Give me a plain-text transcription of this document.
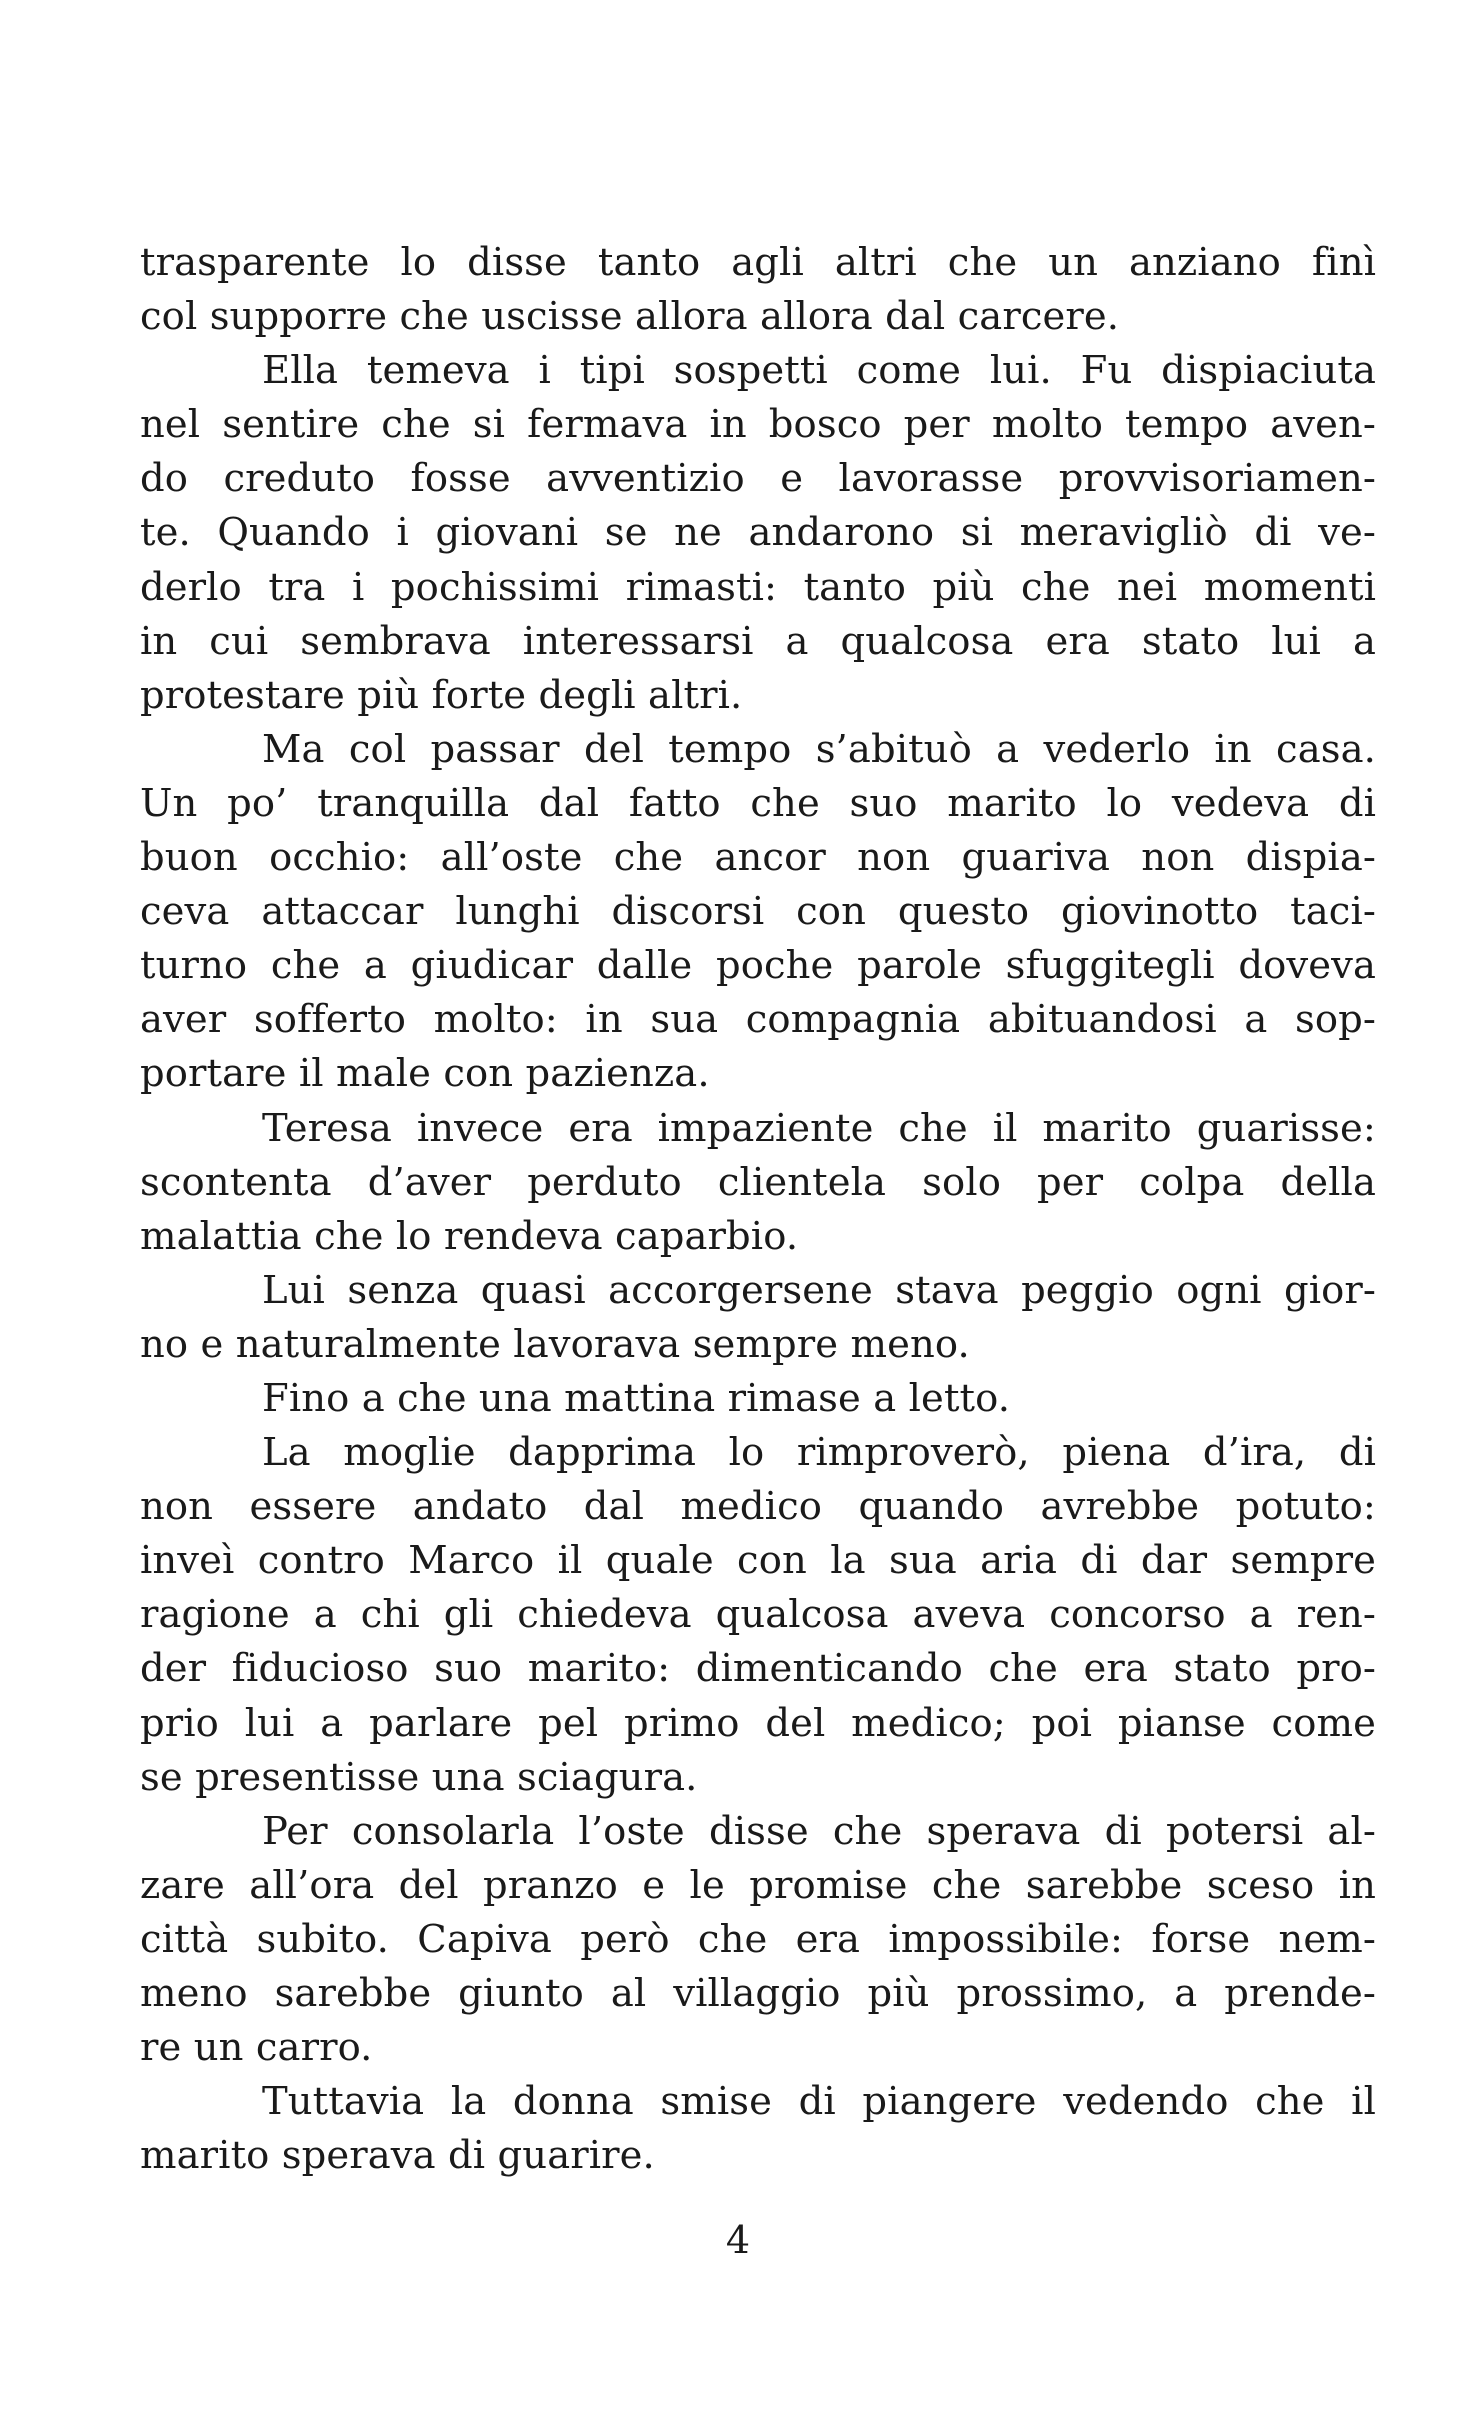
trasparente lo disse tanto agli altri che un anziano finì
col supporre che uscisse allora allora dal carcere.
Ella temeva i tipi sospetti come lui. Fu dispiaciuta
nel sentire che si fermava in bosco per molto tempo aven-
do creduto fosse avventizio e lavorasse provvisoriamen-
te. Quando i giovani se ne andarono si meravigliò di ve-
derlo tra i pochissimi rimasti: tanto più che nei momenti
in cui sembrava interessarsi a qualcosa era stato lui a
protestare più forte degli altri.
Ma col passar del tempo s’abituò a vederlo in casa.
Un po’ tranquilla dal fatto che suo marito lo vedeva di
buon occhio: all’oste che ancor non guariva non dispia-
ceva attaccar lunghi discorsi con questo giovinotto taci-
turno che a giudicar dalle poche parole sfuggitegli doveva
aver sofferto molto: in sua compagnia abituandosi a sop-
portare il male con pazienza.
Teresa invece era impaziente che il marito guarisse:
scontenta d’aver perduto clientela solo per colpa della
malattia che lo rendeva caparbio.
Lui senza quasi accorgersene stava peggio ogni gior-
no e naturalmente lavorava sempre meno.
Fino a che una mattina rimase a letto.
La moglie dapprima lo rimproverò, piena d’ira, di
non essere andato dal medico quando avrebbe potuto:
inveì contro Marco il quale con la sua aria di dar sempre
ragione a chi gli chiedeva qualcosa aveva concorso a ren-
der fiducioso suo marito: dimenticando che era stato pro-
prio lui a parlare pel primo del medico; poi pianse come
se presentisse una sciagura.
Per consolarla l’oste disse che sperava di potersi al-
zare all’ora del pranzo e le promise che sarebbe sceso in
città subito. Capiva però che era impossibile: forse nem-
meno sarebbe giunto al villaggio più prossimo, a prende-
re un carro.
Tuttavia la donna smise di piangere vedendo che il
marito sperava di guarire.
4
